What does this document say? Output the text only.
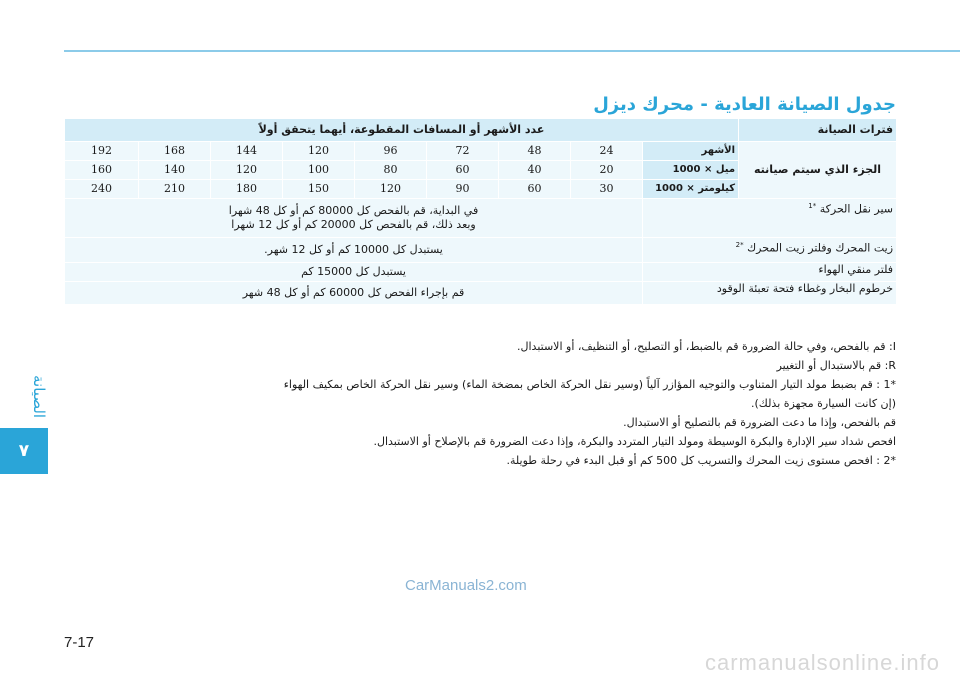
الصيانة
٧
جدول الصيانة العادية - محرك ديزل
فترات الصيانة	عدد الأشهر أو المسافات المقطوعة، أيهما يتحقق أولاً								
الجزء الذي سيتم صيانته	الأشهر	24	48	72	96	120	144	168	192
	ميل × 1000	20	40	60	80	100	120	140	160
	كيلومتر × 1000	30	60	90	120	150	180	210	240
سير نقل الحركة $^{*1}$		في البداية، قم بالفحص كل 80000 كم أو كل 48 شهرا
وبعد ذلك، قم بالفحص كل 20000 كم أو كل 12 شهرا							

زيت المحرك وفلتر زيت المحرك $^{*2}$		يستبدل كل 10000 كم أو كل 12 شهر.							
فلتر منقي الهواء		يستبدل كل 15000 كم							
خرطوم البخار وغطاء فتحة تعبئة الوقود		قم بإجراء الفحص كل 60000 كم أو كل 48 شهر							

I: قم بالفحص، وفي حالة الضرورة قم بالضبط، أو التصليح، أو التنظيف، أو الاستبدال.

R: قم بالاستبدال أو التغيير

*1 : قم بضبط مولد التيار المتناوب والتوجيه المؤازر آلياً (وسير نقل الحركة الخاص بمضخة الماء) وسير نقل الحركة الخاص بمكيف الهواء

(إن كانت السيارة مجهزة بذلك).

قم بالفحص، وإذا ما دعت الضرورة قم بالتصليح أو الاستبدال.

افحص شداد سير الإدارة والبكرة الوسيطة ومولد التيار المتردد والبكرة، وإذا دعت الضرورة قم بالإصلاح أو الاستبدال.

*2 : افحص مستوى زيت المحرك والتسريب كل 500 كم أو قبل البدء في رحلة طويلة.

CarManuals2.com
7-17
carmanualsonline.info
